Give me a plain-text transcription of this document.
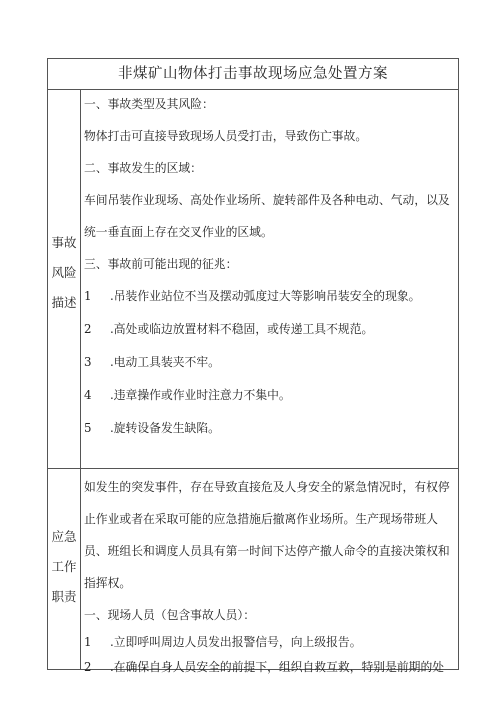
非煤矿山物体打击事故现场应急处置方案
事故
风险
描述
一、事故类型及其风险：
物体打击可直接导致现场人员受打击，导致伤亡事故。
二、事故发生的区域：
车间吊装作业现场、高处作业场所、旋转部件及各种电动、气动，以及
统一垂直面上存在交叉作业的区域。
三、事故前可能出现的征兆：
1 .吊装作业站位不当及摆动弧度过大等影响吊装安全的现象。
2 .高处或临边放置材料不稳固，或传递工具不规范。
3 .电动工具装夹不牢。
4 .违章操作或作业时注意力不集中。
5 .旋转设备发生缺陷。
应急
工作
职责
如发生的突发事件，存在导致直接危及人身安全的紧急情况时，有权停
止作业或者在采取可能的应急措施后撤离作业场所。生产现场带班人
员、班组长和调度人员具有第一时间下达停产撤人命令的直接决策权和
指挥权。
一、现场人员（包含事故人员）：
1 .立即呼叫周边人员发出报警信号，向上级报告。
2 .在确保自身人员安全的前提下，组织自救互救，特别是前期的处
